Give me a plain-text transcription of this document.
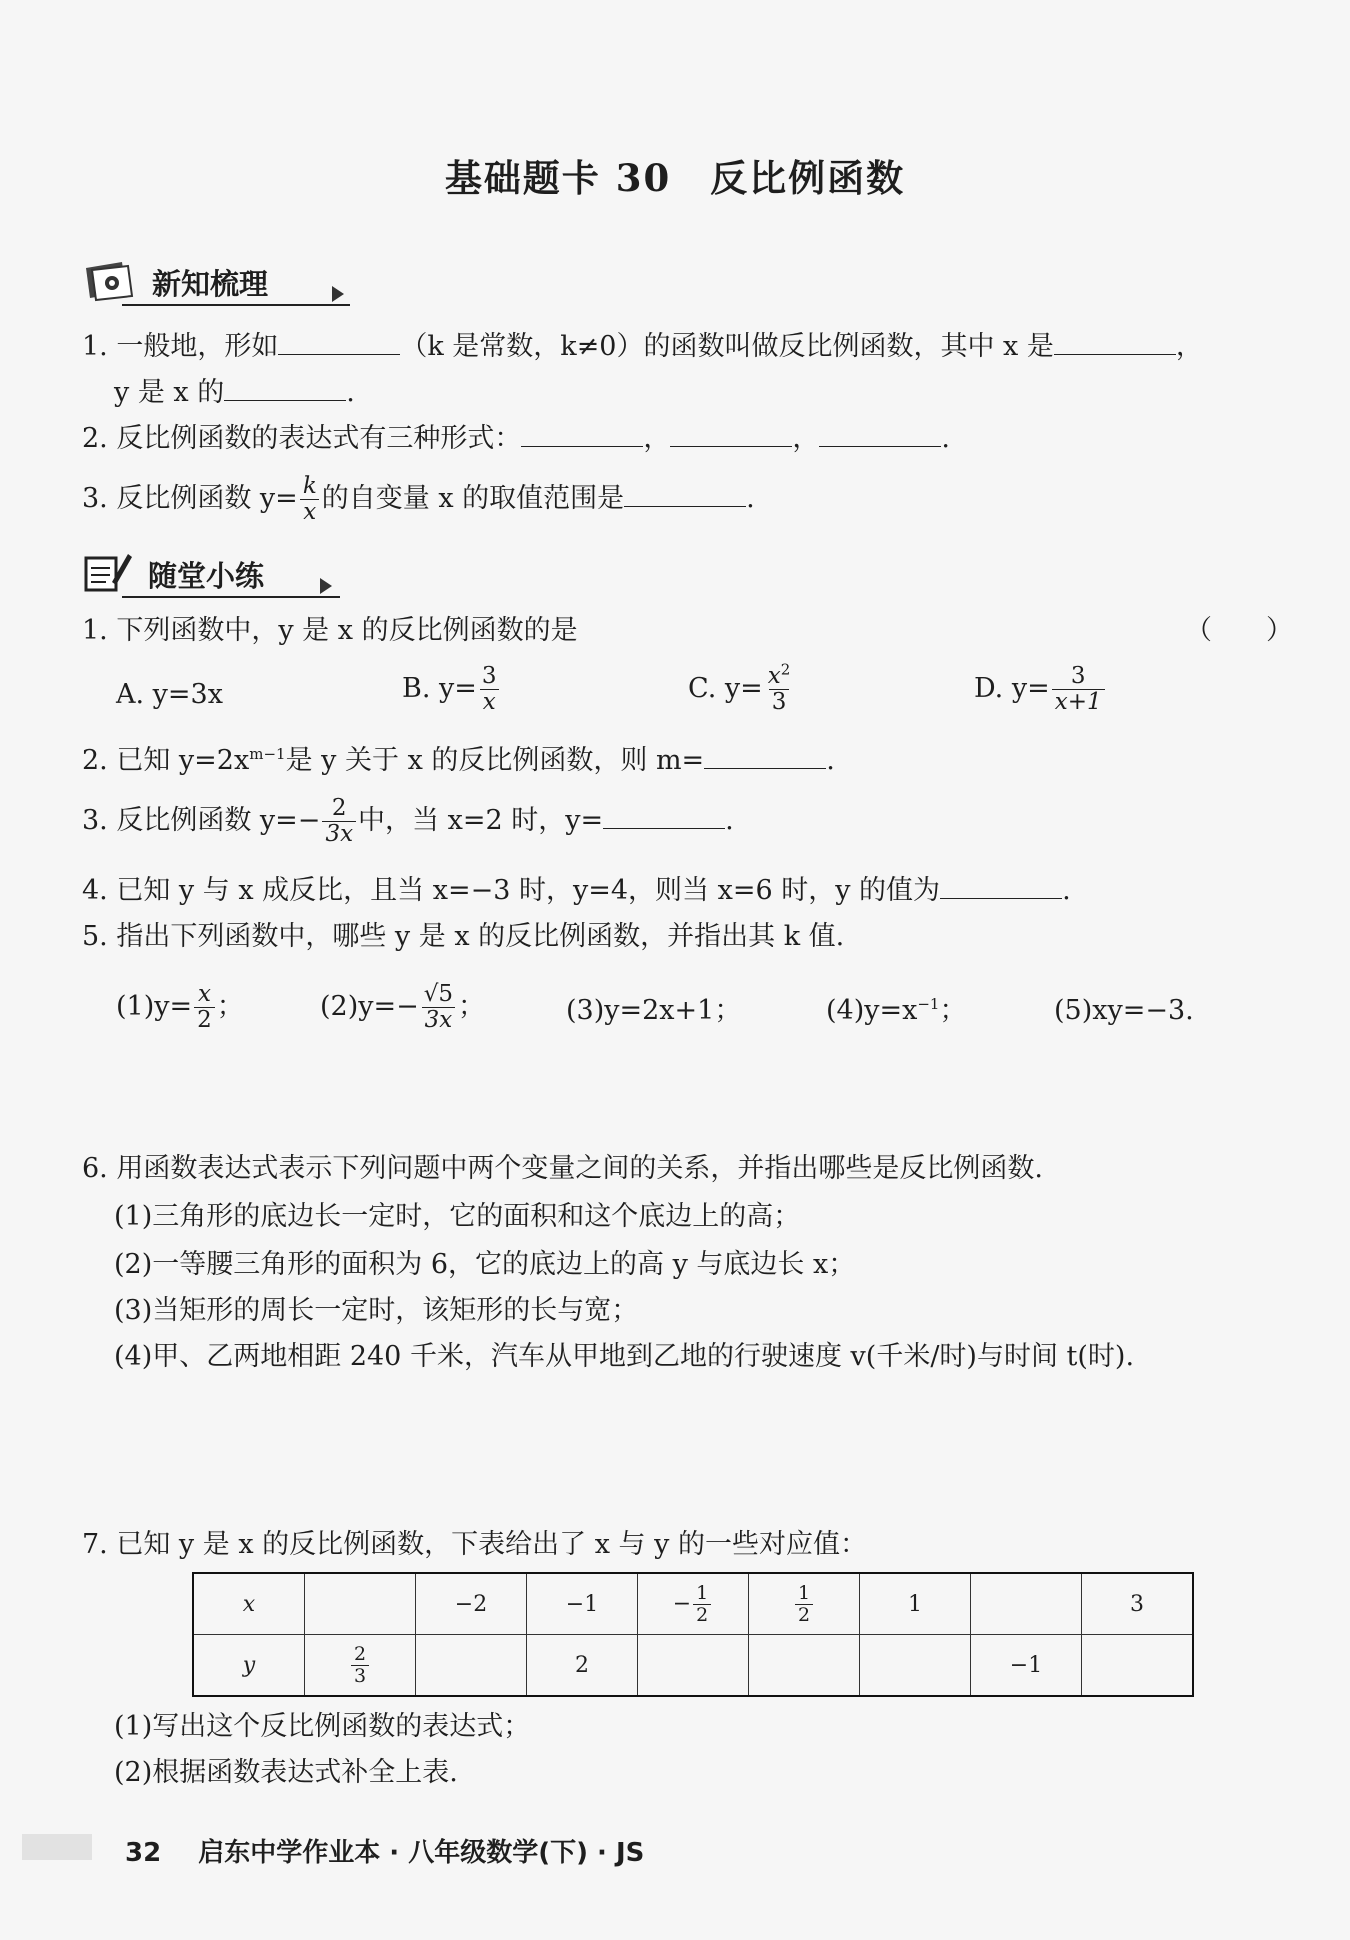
基础题卡 30　反比例函数
新知梳理
1. 一般地，形如	（k 是常数，k≠0）的函数叫做反比例函数，其中 x 是	，
y 是 x 的	.
2. 反比例函数的表达式有三种形式：	，	，	.
3. 反比例函数 $y= \frac{k}{x}$ 的自变量 x 的取值范围是	.
随堂小练
1. 下列函数中，y 是 x 的反比例函数的是	（　　）
A. y=3x	B. $y= \frac{3}{x}$	C. $y= \frac{x^2}{3}$	D. $y= \frac{3}{x+1}$
2. 已知 $y=2x^{m-1}$是 y 关于 x 的反比例函数，则 m=	.
3. 反比例函数 $y=- \frac{2}{3x}$ 中，当 x=2 时，y=	.
4. 已知 y 与 x 成反比，且当 x=−3 时，y=4，则当 x=6 时，y 的值为	.
5. 指出下列函数中，哪些 y 是 x 的反比例函数，并指出其 k 值.
$(1)y= \frac{x}{2}$ ；	$(2)y=- \frac{√5}{3x}$ ；	(3)y=2x+1；	$(4)y=x^{-1}$；	(5)xy=−3.
6. 用函数表达式表示下列问题中两个变量之间的关系，并指出哪些是反比例函数.
(1)三角形的底边长一定时，它的面积和这个底边上的高；
(2)一等腰三角形的面积为 6，它的底边上的高 y 与底边长 x；
(3)当矩形的周长一定时，该矩形的长与宽；
(4)甲、乙两地相距 240 千米，汽车从甲地到乙地的行驶速度 v(千米/时)与时间 t(时).
7. 已知 y 是 x 的反比例函数，下表给出了 x 与 y 的一些对应值：
x		−2	−1	− $\frac{1}{2}$	$\frac{1}{2}$	1		3
y	$\frac{2}{3}$		2				−1	
(1)写出这个反比例函数的表达式；
(2)根据函数表达式补全上表.
32 启东中学作业本 · 八年级数学(下) · JS
